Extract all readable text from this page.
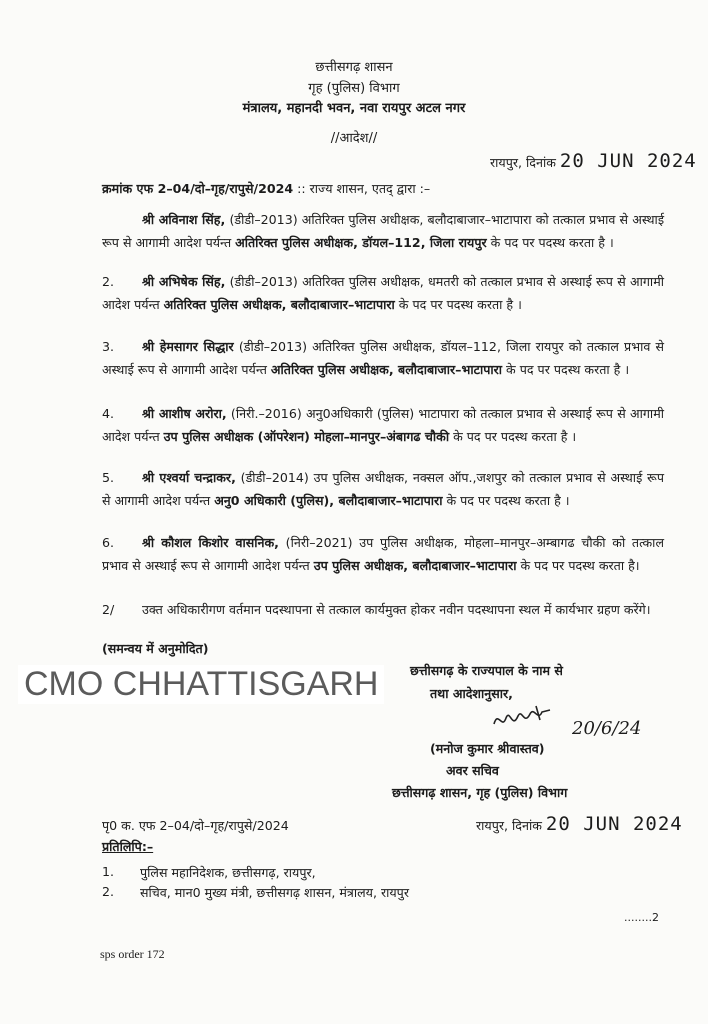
छत्तीसगढ़ शासन
गृह (पुलिस) विभाग
मंत्रालय, महानदी भवन, नवा रायपुर अटल नगर
//आदेश//
रायपुर, दिनांक 20 JUN 2024
क्रमांक एफ 2–04/दो–गृह/रापुसे/2024 :: राज्य शासन, एतद् द्वारा :–
श्री अविनाश सिंह, (डीडी–2013) अतिरिक्त पुलिस अधीक्षक, बलौदाबाजार–भाटापारा को तत्काल प्रभाव से अस्थाई रूप से आगामी आदेश पर्यन्त अतिरिक्त पुलिस अधीक्षक, डॉयल–112, जिला रायपुर के पद पर पदस्थ करता है ।
2. श्री अभिषेक सिंह, (डीडी–2013) अतिरिक्त पुलिस अधीक्षक, धमतरी को तत्काल प्रभाव से अस्थाई रूप से आगामी आदेश पर्यन्त अतिरिक्त पुलिस अधीक्षक, बलौदाबाजार–भाटापारा के पद पर पदस्थ करता है ।
3. श्री हेमसागर सिद्धार (डीडी–2013) अतिरिक्त पुलिस अधीक्षक, डॉयल–112, जिला रायपुर को तत्काल प्रभाव से अस्थाई रूप से आगामी आदेश पर्यन्त अतिरिक्त पुलिस अधीक्षक, बलौदाबाजार–भाटापारा के पद पर पदस्थ करता है ।
4. श्री आशीष अरोरा, (निरी.–2016) अनु0अधिकारी (पुलिस) भाटापारा को तत्काल प्रभाव से अस्थाई रूप से आगामी आदेश पर्यन्त उप पुलिस अधीक्षक (ऑपरेशन) मोहला–मानपुर–अंबागढ चौकी के पद पर पदस्थ करता है ।
5. श्री एश्वर्या चन्द्राकर, (डीडी–2014) उप पुलिस अधीक्षक, नक्सल ऑप.,जशपुर को तत्काल प्रभाव से अस्थाई रूप से आगामी आदेश पर्यन्त अनु0 अधिकारी (पुलिस), बलौदाबाजार–भाटापारा के पद पर पदस्थ करता है ।
6. श्री कौशल किशोर वासनिक, (निरी–2021) उप पुलिस अधीक्षक, मोहला–मानपुर–अम्बागढ चौकी को तत्काल प्रभाव से अस्थाई रूप से आगामी आदेश पर्यन्त उप पुलिस अधीक्षक, बलौदाबाजार–भाटापारा के पद पर पदस्थ करता है।
2/ उक्त अधिकारीगण वर्तमान पदस्थापना से तत्काल कार्यमुक्त होकर नवीन पदस्थापना स्थल में कार्यभार ग्रहण करेंगे।
(समन्वय में अनुमोदित)
छत्तीसगढ़ के राज्यपाल के नाम से
तथा आदेशानुसार,
CMO CHHATTISGARH
20/6/24
(मनोज कुमार श्रीवास्तव)
अवर सचिव
छत्तीसगढ़ शासन, गृह (पुलिस) विभाग
पृ0 क. एफ 2–04/दो–गृह/रापुसे/2024	रायपुर, दिनांक 20 JUN 2024
प्रतिलिपि:–
1. पुलिस महानिदेशक, छत्तीसगढ़, रायपुर,
2. सचिव, मान0 मुख्य मंत्री, छत्तीसगढ़ शासन, मंत्रालय, रायपुर
........2
sps order 172
